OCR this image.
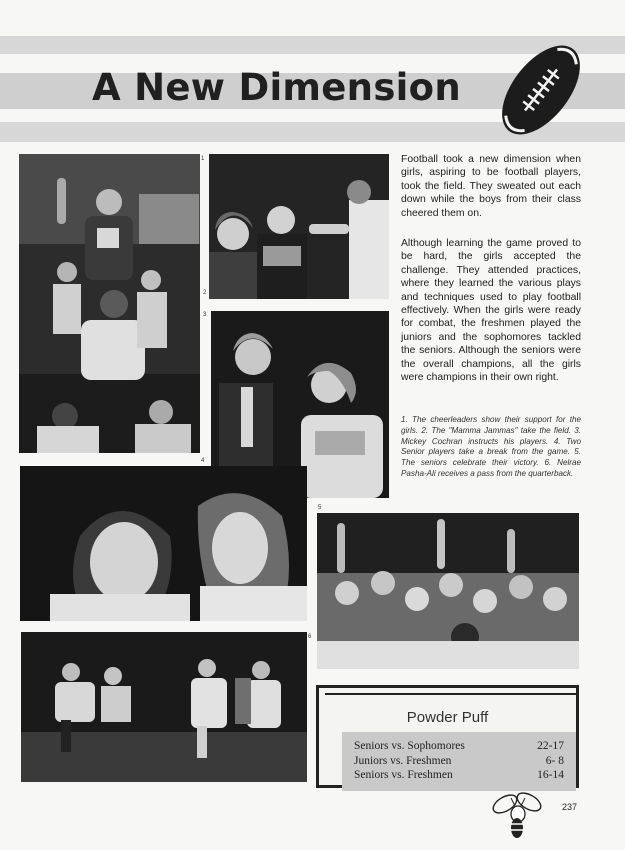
A New Dimension
1
2
3

Football took a new dimension when girls, aspiring to be football players, took the field. They sweated out each down while the boys from their class cheered them on.

Although learning the game proved to be hard, the girls accepted the challenge. They attended practices, where they learned the various plays and techniques used to play football effectively. When the girls were ready for combat, the freshmen played the juniors and the sophomores tackled the seniors. Although the seniors were the overall champions, all the girls were champions in their own right.

1. The cheerleaders show their support for the girls. 2. The "Mamma Jammas" take the field. 3. Mickey Cochran instructs his players. 4. Two Senior players take a break from the game. 5. The seniors celebrate their victory. 6. Nelrae Pasha-Ali receives a pass from the quarterback.

4
5
6
Powder Puff
Seniors vs. Sophomores	22-17
Juniors vs. Freshmen	6- 8
Seniors vs. Freshmen	16-14
237
